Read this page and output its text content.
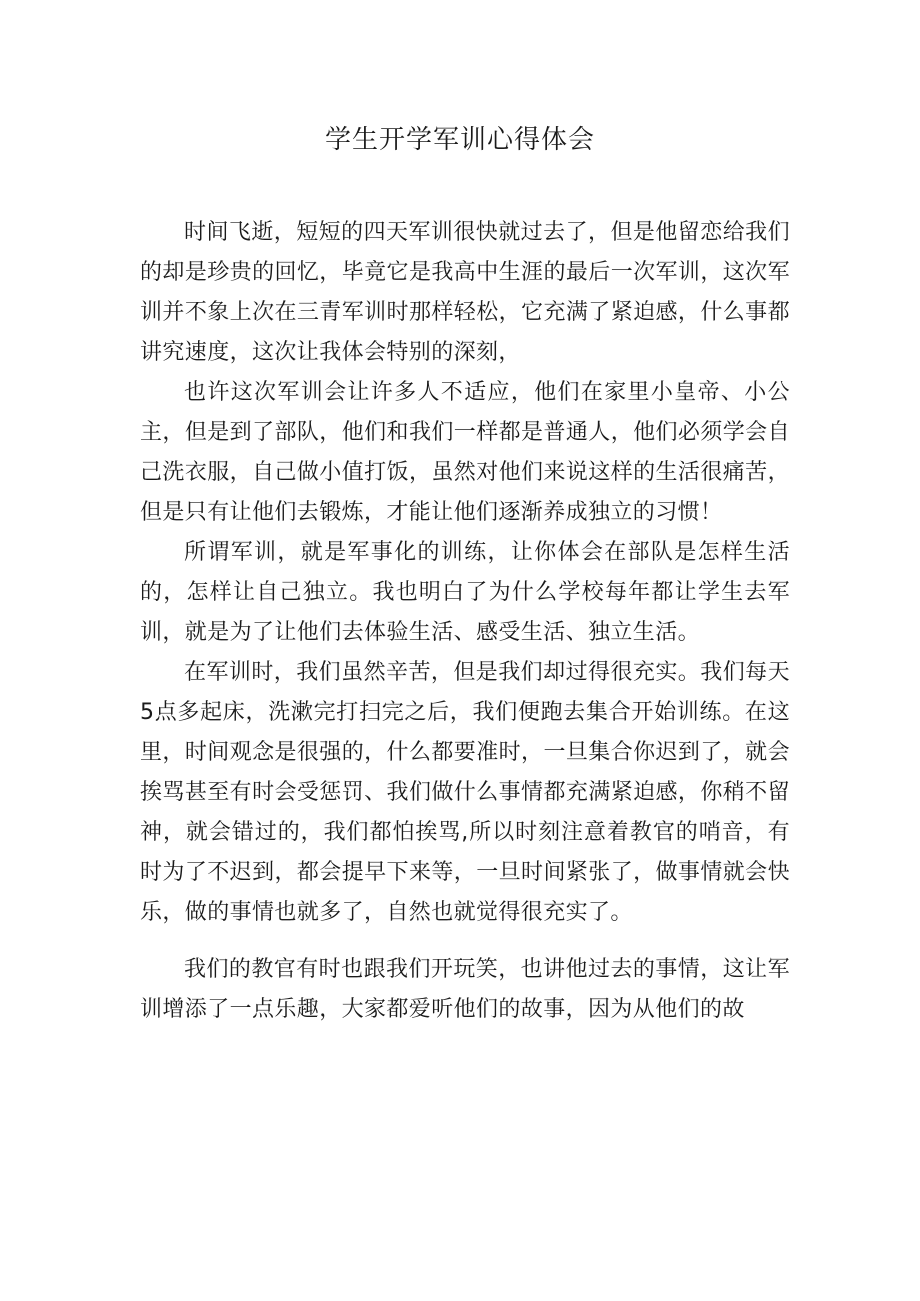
学生开学军训心得体会

时间飞逝，短短的四天军训很快就过去了，但是他留恋给我们的却是珍贵的回忆，毕竟它是我高中生涯的最后一次军训，这次军训并不象上次在三青军训时那样轻松，它充满了紧迫感，什么事都讲究速度，这次让我体会特别的深刻，

也许这次军训会让许多人不适应，他们在家里小皇帝、小公主，但是到了部队，他们和我们一样都是普通人，他们必须学会自己洗衣服，自己做小值打饭，虽然对他们来说这样的生活很痛苦，但是只有让他们去锻炼，才能让他们逐渐养成独立的习惯！

所谓军训，就是军事化的训练，让你体会在部队是怎样生活的，怎样让自己独立。我也明白了为什么学校每年都让学生去军训，就是为了让他们去体验生活、感受生活、独立生活。

在军训时，我们虽然辛苦，但是我们却过得很充实。我们每天5点多起床，洗漱完打扫完之后，我们便跑去集合开始训练。在这里，时间观念是很强的，什么都要准时，一旦集合你迟到了，就会挨骂甚至有时会受惩罚、我们做什么事情都充满紧迫感，你稍不留神，就会错过的，我们都怕挨骂,所以时刻注意着教官的哨音，有时为了不迟到，都会提早下来等，一旦时间紧张了，做事情就会快乐，做的事情也就多了，自然也就觉得很充实了。

我们的教官有时也跟我们开玩笑，也讲他过去的事情，这让军训增添了一点乐趣，大家都爱听他们的故事，因为从他们的故
